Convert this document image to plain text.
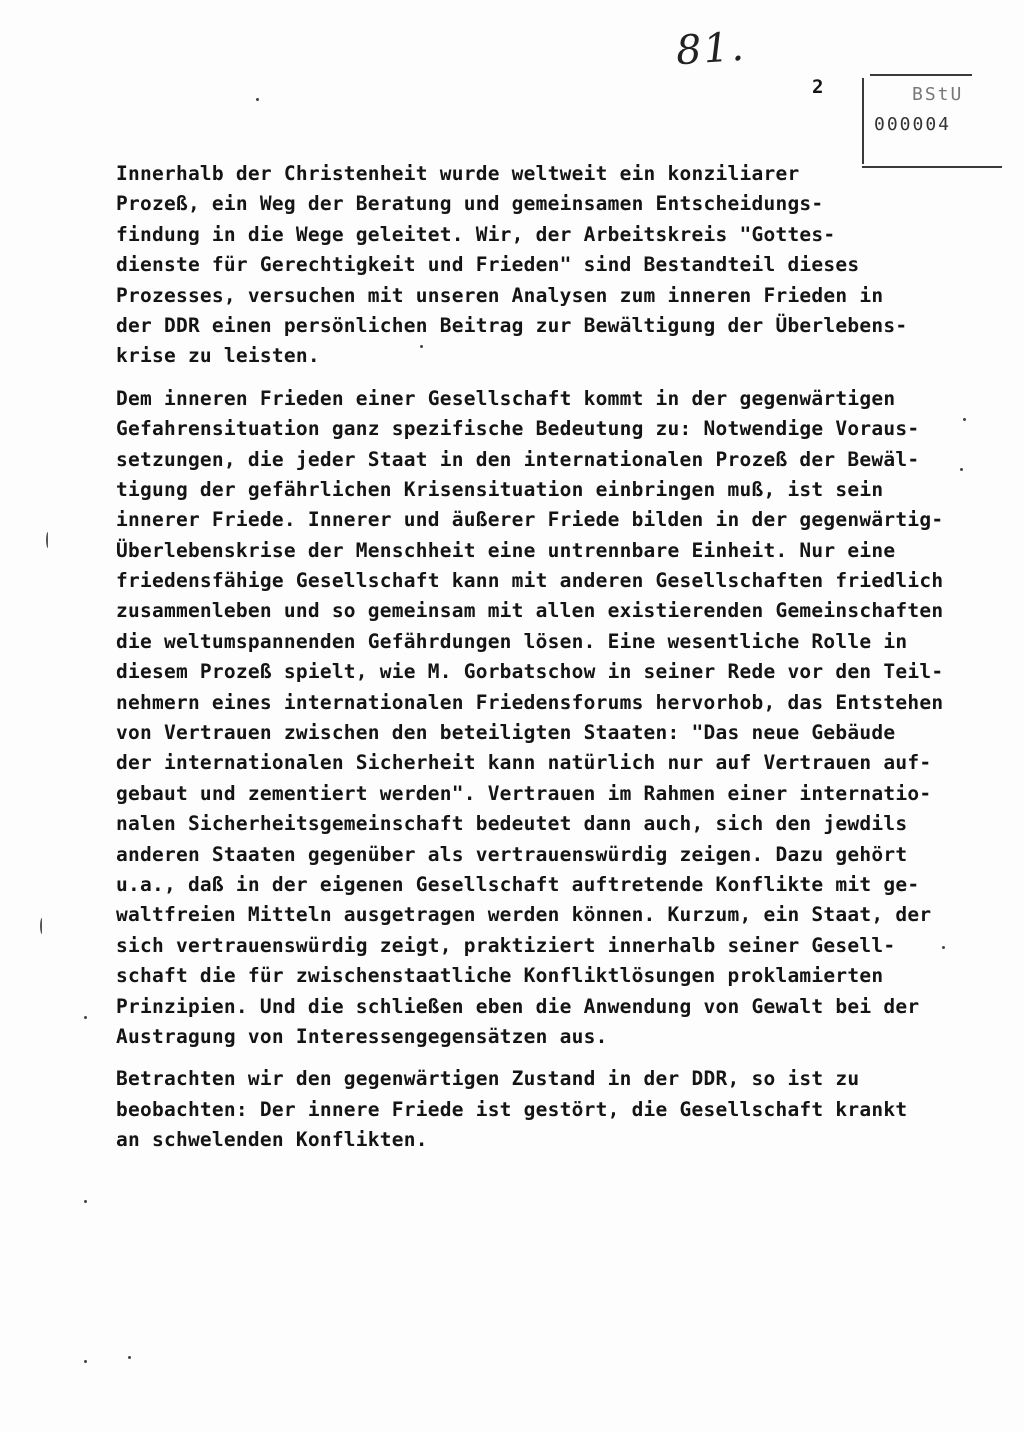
81.
2	BStU
000004
Innerhalb der Christenheit wurde weltweit ein konziliarer
Prozeß, ein Weg der Beratung und gemeinsamen Entscheidungs-
findung in die Wege geleitet. Wir, der Arbeitskreis "Gottes-
dienste für Gerechtigkeit und Frieden" sind Bestandteil dieses
Prozesses, versuchen mit unseren Analysen zum inneren Frieden in
der DDR einen persönlichen Beitrag zur Bewältigung der Überlebens-
krise zu leisten.
Dem inneren Frieden einer Gesellschaft kommt in der gegenwärtigen
Gefahrensituation ganz spezifische Bedeutung zu: Notwendige Voraus-
setzungen, die jeder Staat in den internationalen Prozeß der Bewäl-
tigung der gefährlichen Krisensituation einbringen muß, ist sein
innerer Friede. Innerer und äußerer Friede bilden in der gegenwärtig-
Überlebenskrise der Menschheit eine untrennbare Einheit. Nur eine
friedensfähige Gesellschaft kann mit anderen Gesellschaften friedlich
zusammenleben und so gemeinsam mit allen existierenden Gemeinschaften
die weltumspannenden Gefährdungen lösen. Eine wesentliche Rolle in
diesem Prozeß spielt, wie M. Gorbatschow in seiner Rede vor den Teil-
nehmern eines internationalen Friedensforums hervorhob, das Entstehen
von Vertrauen zwischen den beteiligten Staaten: "Das neue Gebäude
der internationalen Sicherheit kann natürlich nur auf Vertrauen auf-
gebaut und zementiert werden". Vertrauen im Rahmen einer internatio-
nalen Sicherheitsgemeinschaft bedeutet dann auch, sich den jewdils
anderen Staaten gegenüber als vertrauenswürdig zeigen. Dazu gehört
u.a., daß in der eigenen Gesellschaft auftretende Konflikte mit ge-
waltfreien Mitteln ausgetragen werden können. Kurzum, ein Staat, der
sich vertrauenswürdig zeigt, praktiziert innerhalb seiner Gesell-
schaft die für zwischenstaatliche Konfliktlösungen proklamierten
Prinzipien. Und die schließen eben die Anwendung von Gewalt bei der
Austragung von Interessengegensätzen aus.
Betrachten wir den gegenwärtigen Zustand in der DDR, so ist zu
beobachten: Der innere Friede ist gestört, die Gesellschaft krankt
an schwelenden Konflikten.
